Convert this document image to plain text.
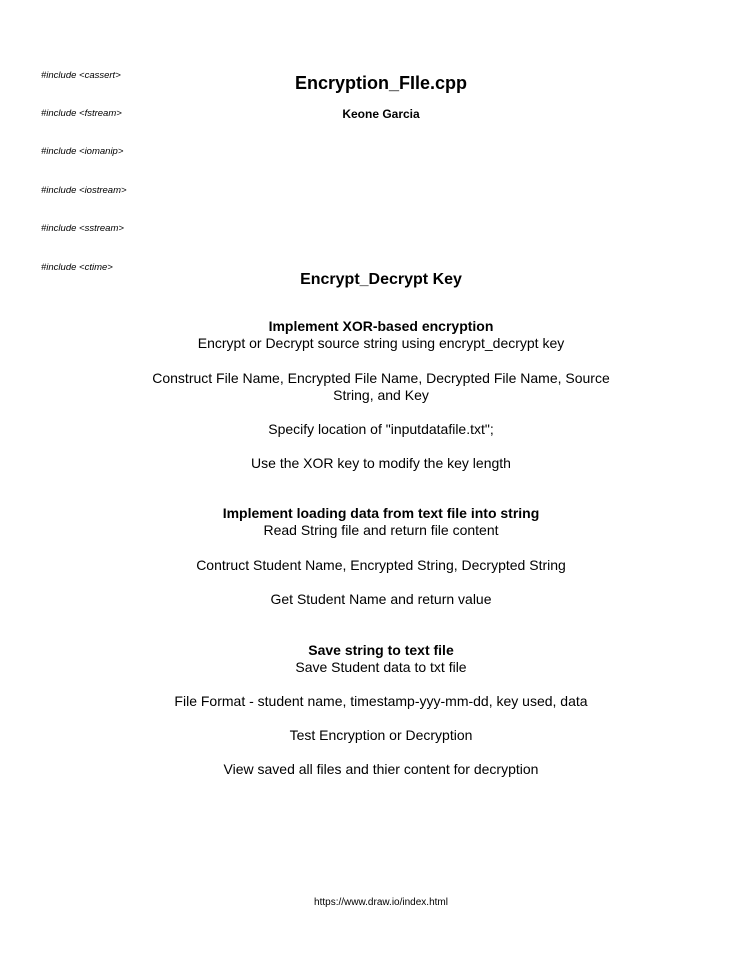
#include <cassert>

#include <fstream>

#include <iomanip>

#include <iostream>

#include <sstream>

#include <ctime>

Encryption_FIle.cpp
Keone Garcia
Encrypt_Decrypt Key
Implement XOR-based encryption
Encrypt or Decrypt source string using encrypt_decrypt key
Construct File Name, Encrypted File Name, Decrypted File Name, Source String, and Key
Specify location of "inputdatafile.txt";
Use the XOR key to modify the key length
Implement loading data from text file into string
Read String file and return file content
Contruct Student Name, Encrypted String, Decrypted String
Get Student Name and return value
Save string to text file
Save Student data to txt file
File Format - student name, timestamp-yyy-mm-dd, key used, data
Test Encryption or Decryption
View saved all files and thier content for decryption
https://www.draw.io/index.html
